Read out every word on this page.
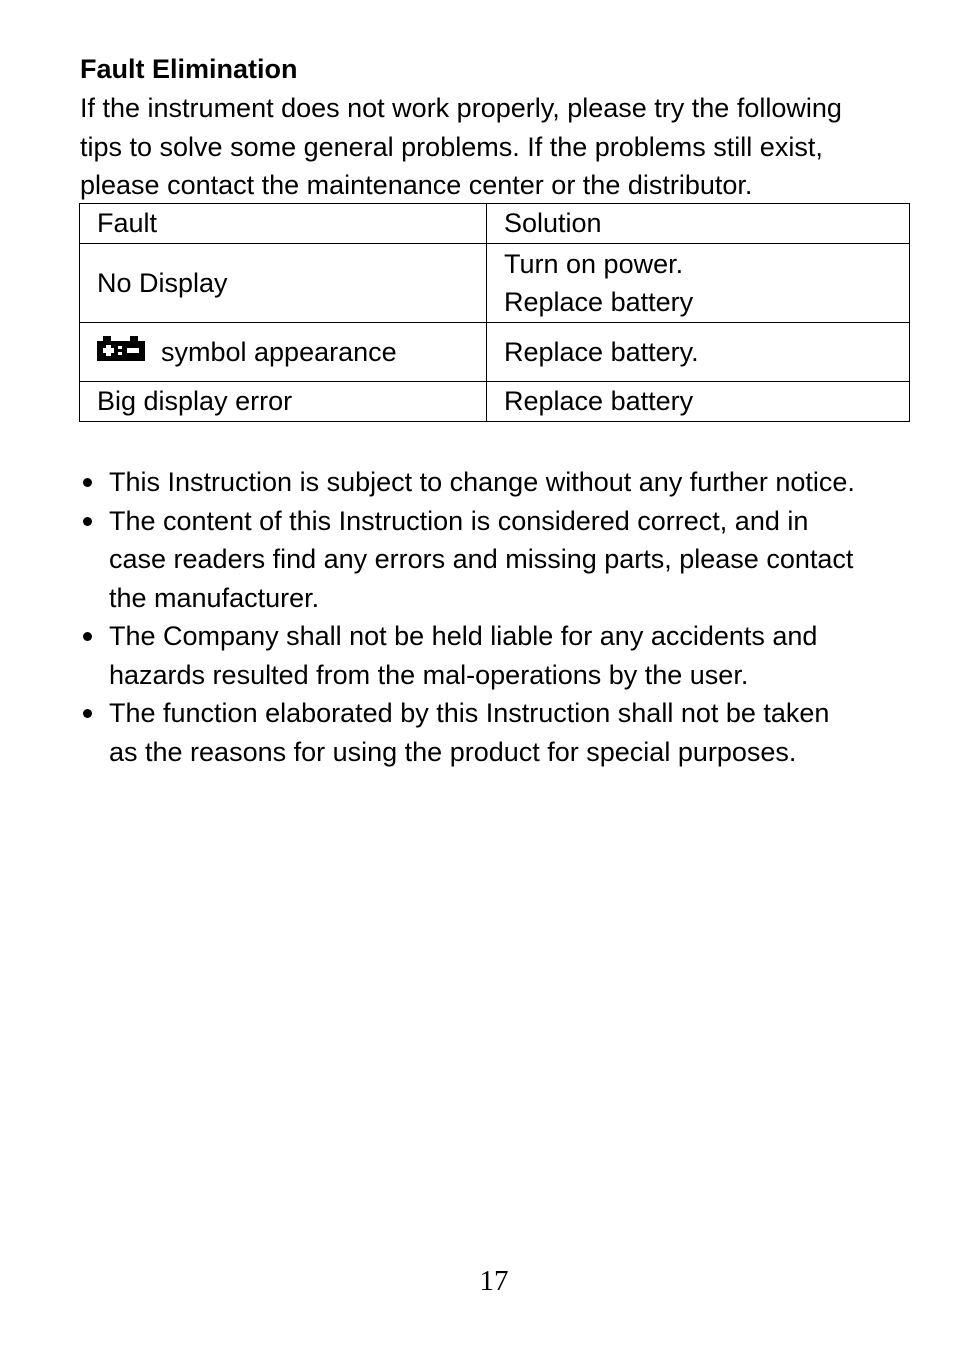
Fault Elimination

If the instrument does not work properly, please try the following
tips to solve some general problems. If the problems still exist,
please contact the maintenance center or the distributor.

Fault	Solution
No Display	Turn on power.
Replace battery

symbol appearance	Replace battery.
Big display error	Replace battery
This Instruction is subject to change without any further notice.
The content of this Instruction is considered correct, and in
case readers find any errors and missing parts, please contact
the manufacturer.
The Company shall not be held liable for any accidents and
hazards resulted from the mal-operations by the user.
The function elaborated by this Instruction shall not be taken
as the reasons for using the product for special purposes.
17
